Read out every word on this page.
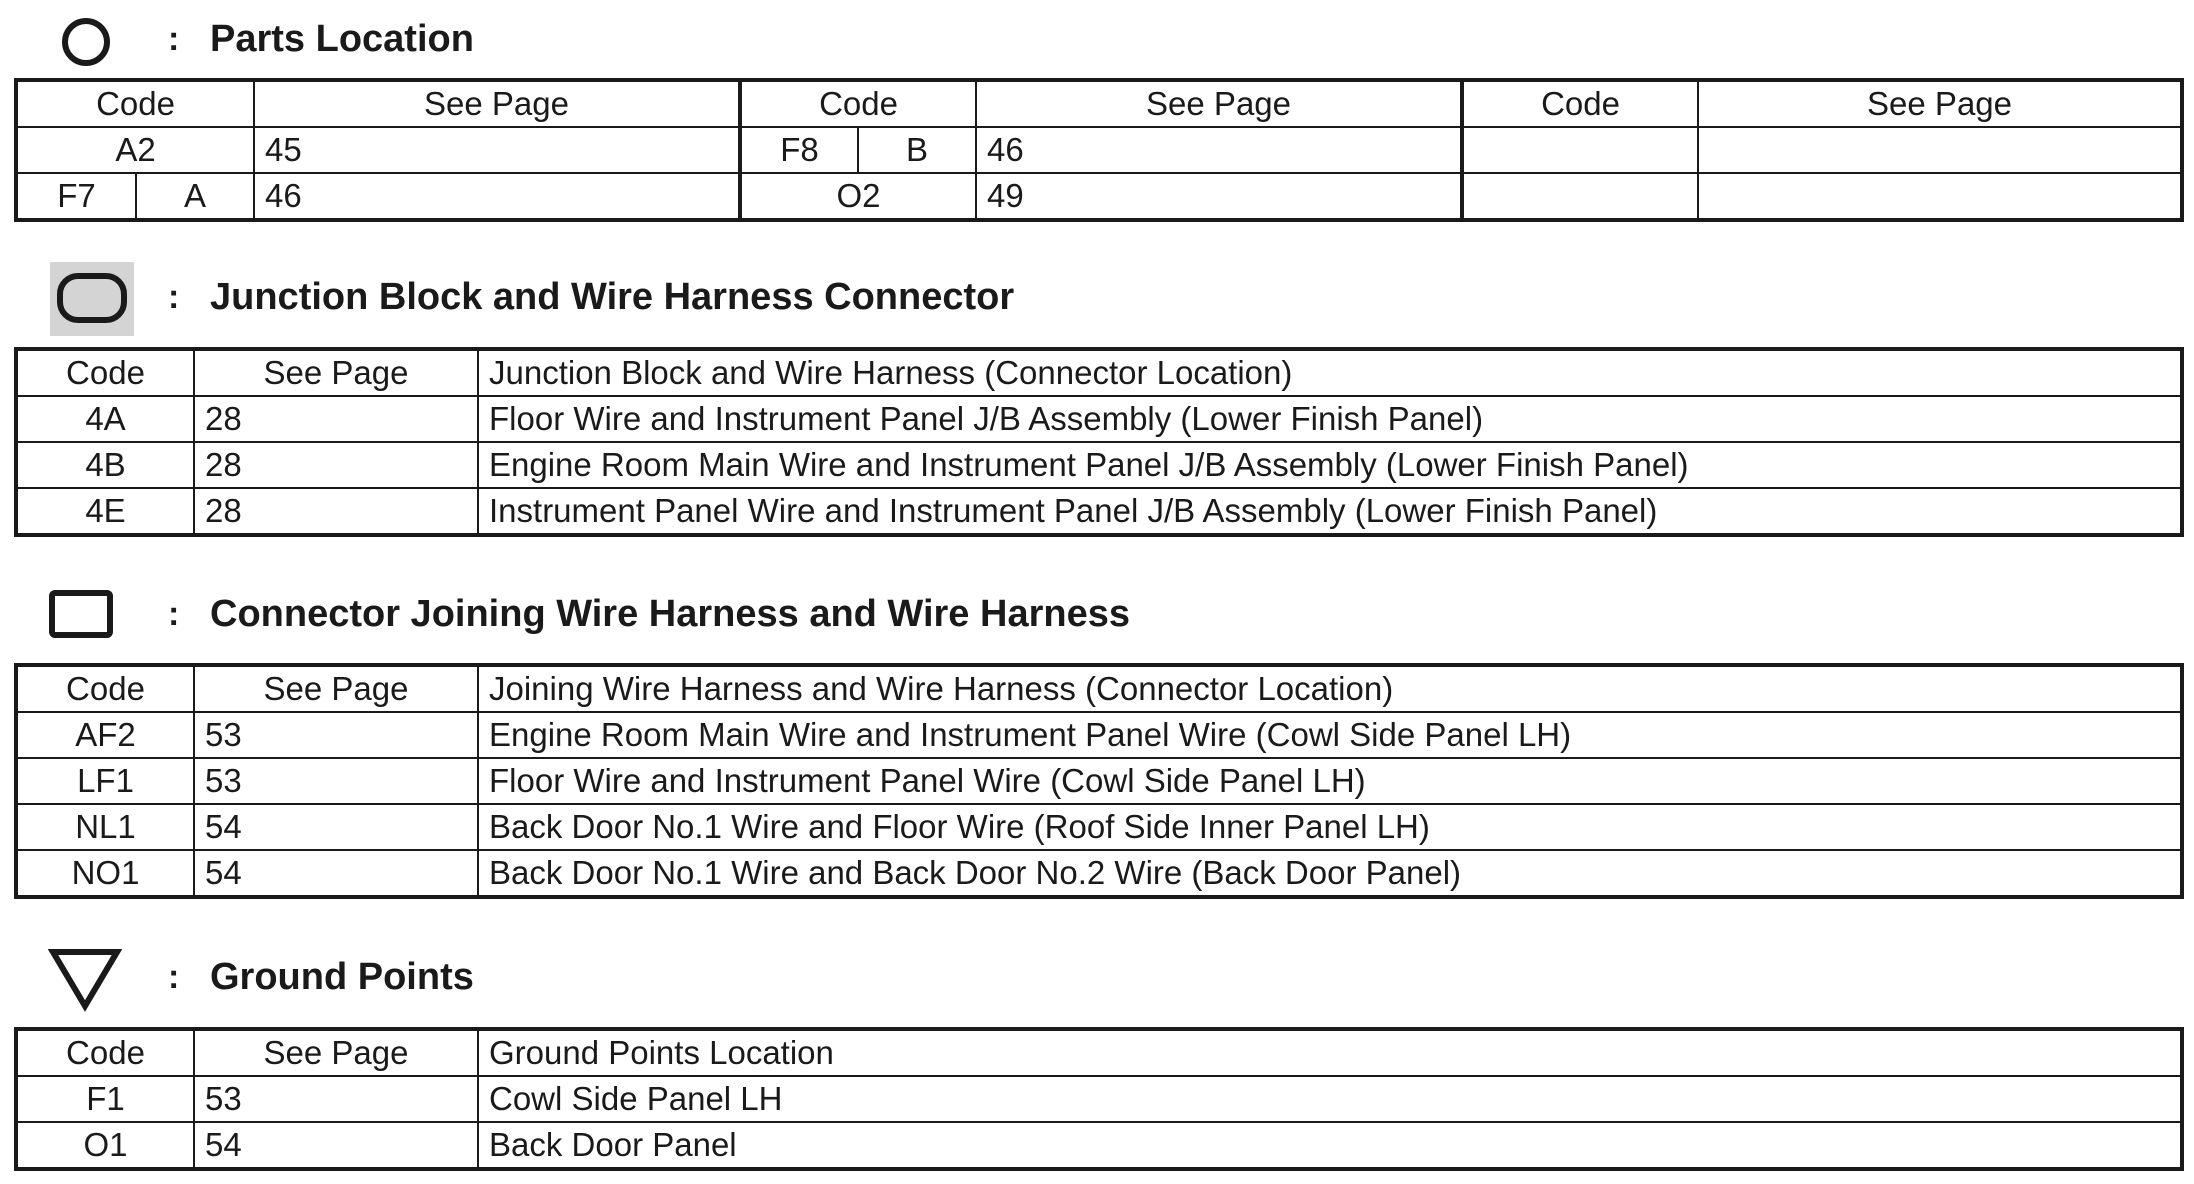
: Parts Location
Code		See Page	Code		See Page	Code	See Page
A2		45	F8	B	46		
F7	A	46	O2		49		
: Junction Block and Wire Harness Connector
Code	See Page	Junction Block and Wire Harness (Connector Location)
4A	28	Floor Wire and Instrument Panel J/B Assembly (Lower Finish Panel)
4B	28	Engine Room Main Wire and Instrument Panel J/B Assembly (Lower Finish Panel)
4E	28	Instrument Panel Wire and Instrument Panel J/B Assembly (Lower Finish Panel)
: Connector Joining Wire Harness and Wire Harness
Code	See Page	Joining Wire Harness and Wire Harness (Connector Location)
AF2	53	Engine Room Main Wire and Instrument Panel Wire (Cowl Side Panel LH)
LF1	53	Floor Wire and Instrument Panel Wire (Cowl Side Panel LH)
NL1	54	Back Door No.1 Wire and Floor Wire (Roof Side Inner Panel LH)
NO1	54	Back Door No.1 Wire and Back Door No.2 Wire (Back Door Panel)
: Ground Points
Code	See Page	Ground Points Location
F1	53	Cowl Side Panel LH
O1	54	Back Door Panel
